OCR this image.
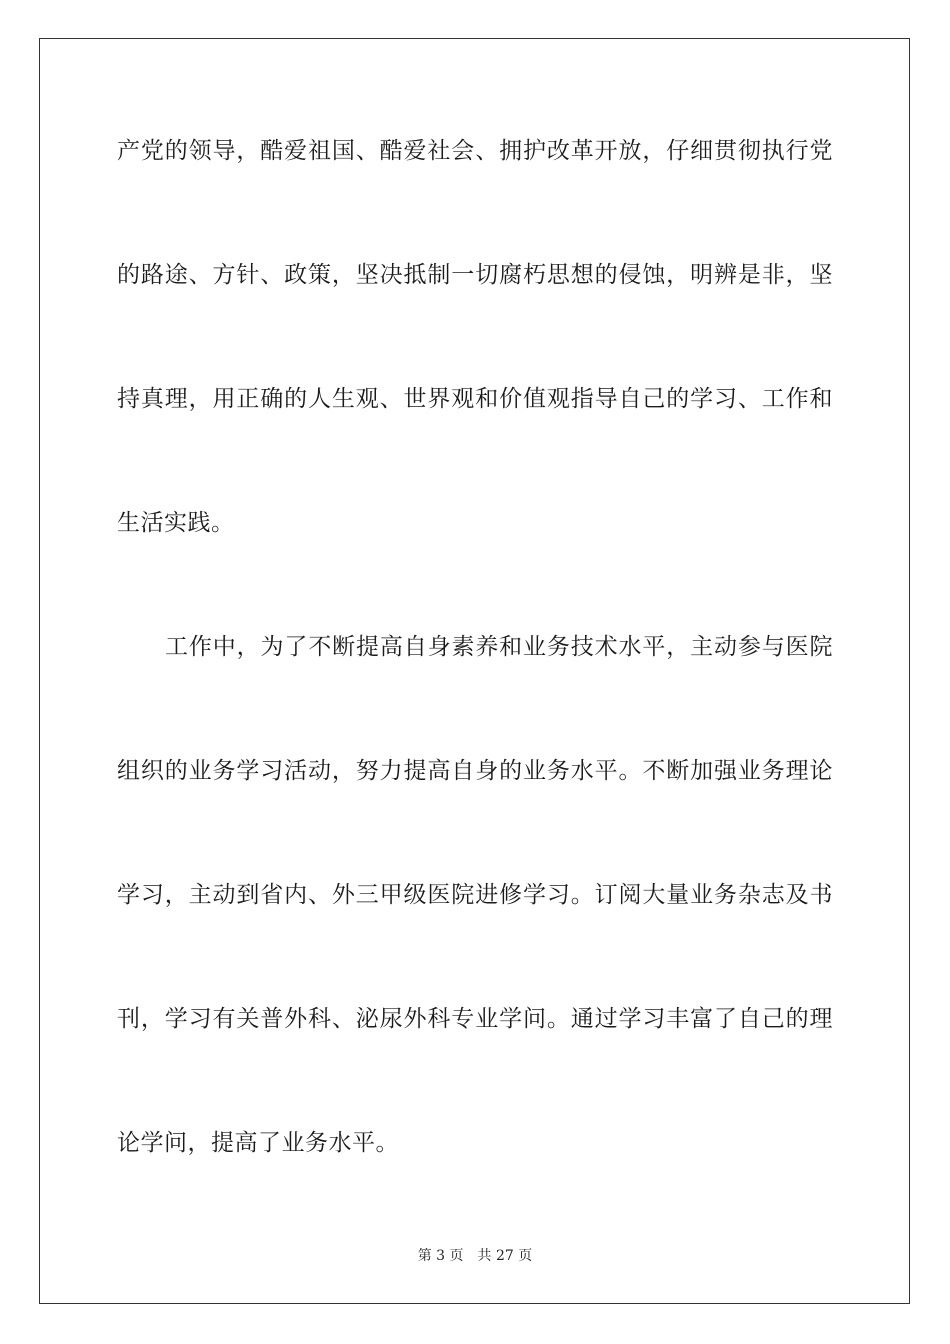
产党的领导，酷爱祖国、酷爱社会、拥护改革开放，仔细贯彻执行党
的路途、方针、政策，坚决抵制一切腐朽思想的侵蚀，明辨是非，坚
持真理，用正确的人生观、世界观和价值观指导自己的学习、工作和
生活实践。
工作中，为了不断提高自身素养和业务技术水平，主动参与医院
组织的业务学习活动，努力提高自身的业务水平。不断加强业务理论
学习，主动到省内、外三甲级医院进修学习。订阅大量业务杂志及书
刊，学习有关普外科、泌尿外科专业学问。通过学习丰富了自己的理
论学问，提高了业务水平。
第 3 页 共 27 页
